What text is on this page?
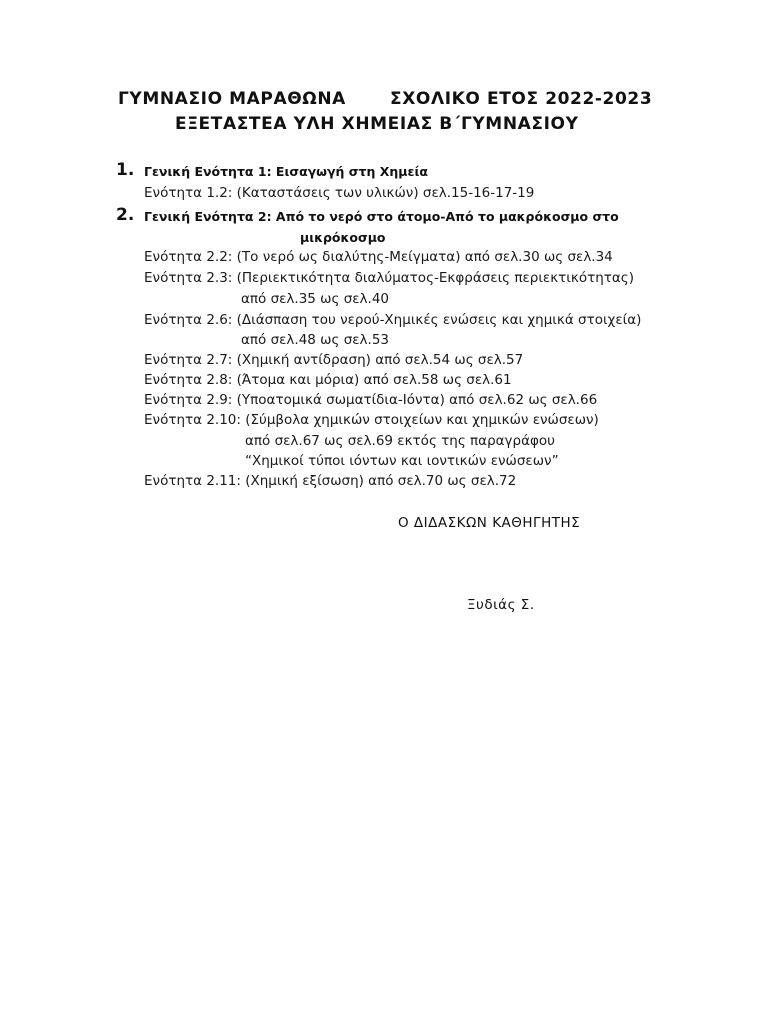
ΓΥΜΝΑΣΙΟ ΜΑΡΑΘΩΝΑ	ΣΧΟΛΙΚΟ ΕΤΟΣ 2022-2023
ΕΞΕΤΑΣΤΕΑ ΥΛΗ ΧΗΜΕΙΑΣ Β΄ΓΥΜΝΑΣΙΟΥ
1. Γενική Ενότητα 1: Εισαγωγή στη Χημεία
Ενότητα 1.2: (Καταστάσεις των υλικών) σελ.15-16-17-19
2. Γενική Ενότητα 2: Από το νερό στο άτομο-Από το μακρόκοσμο στο
μικρόκοσμο
Ενότητα 2.2: (Το νερό ως διαλύτης-Μείγματα) από σελ.30 ως σελ.34
Ενότητα 2.3: (Περιεκτικότητα διαλύματος-Εκφράσεις περιεκτικότητας)
από σελ.35 ως σελ.40
Ενότητα 2.6: (Διάσπαση του νερού-Χημικές ενώσεις και χημικά στοιχεία)
από σελ.48 ως σελ.53
Ενότητα 2.7: (Χημική αντίδραση) από σελ.54 ως σελ.57
Ενότητα 2.8: (Άτομα και μόρια) από σελ.58 ως σελ.61
Ενότητα 2.9: (Υποατομικά σωματίδια-Ιόντα) από σελ.62 ως σελ.66
Ενότητα 2.10: (Σύμβολα χημικών στοιχείων και χημικών ενώσεων)
από σελ.67 ως σελ.69 εκτός της παραγράφου
“Χημικοί τύποι ιόντων και ιοντικών ενώσεων”
Ενότητα 2.11: (Χημική εξίσωση) από σελ.70 ως σελ.72
Ο ΔΙΔΑΣΚΩΝ ΚΑΘΗΓΗΤΗΣ
Ξυδιάς Σ.
